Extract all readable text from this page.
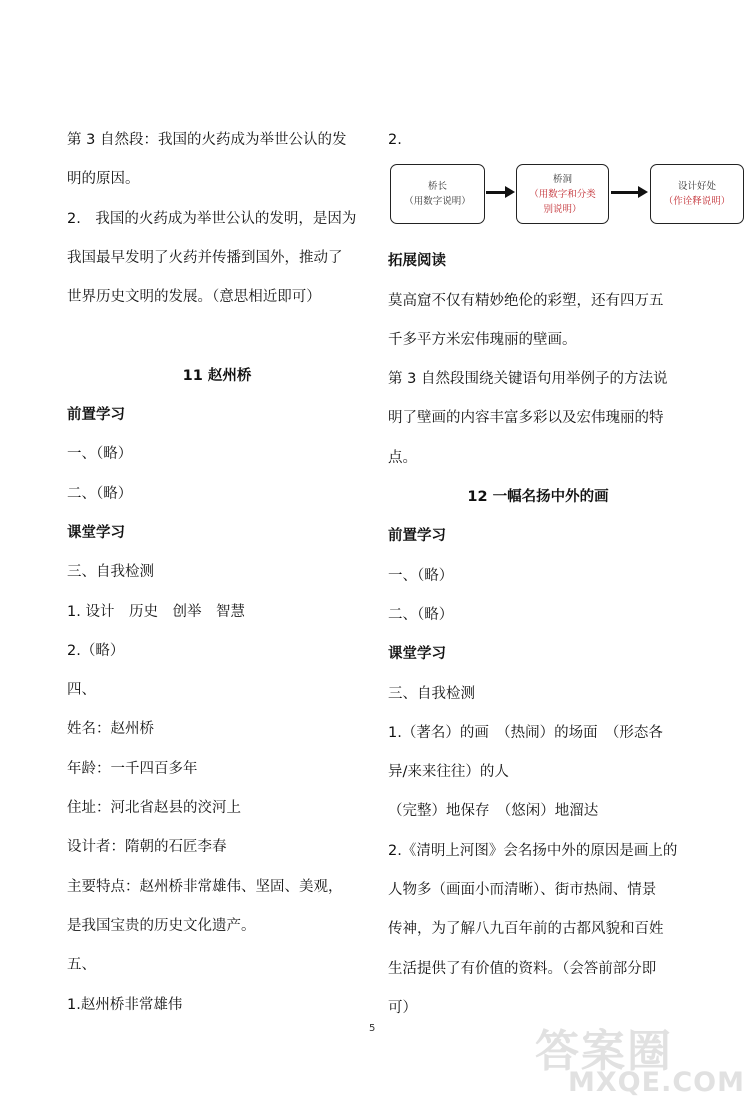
第 3 自然段：我国的火药成为举世公认的发
明的原因。
2.　我国的火药成为举世公认的发明，是因为
我国最早发明了火药并传播到国外，推动了
世界历史文明的发展。（意思相近即可）
11 赵州桥
前置学习
一、（略）
二、（略）
课堂学习
三、自我检测
1. 设计　历史　创举　智慧
2.（略）
四、
姓名：赵州桥
年龄：一千四百多年
住址：河北省赵县的洨河上
设计者：隋朝的石匠李春
主要特点：赵州桥非常雄伟、坚固、美观，
是我国宝贵的历史文化遗产。
五、
1.赵州桥非常雄伟
2.
桥长
（用数字说明）
桥洞
（用数字和分类别说明）
设计好处
（作诠释说明）
拓展阅读
莫高窟不仅有精妙绝伦的彩塑，还有四万五
千多平方米宏伟瑰丽的壁画。
第 3 自然段围绕关键语句用举例子的方法说
明了壁画的内容丰富多彩以及宏伟瑰丽的特
点。
12 一幅名扬中外的画
前置学习
一、（略）
二、（略）
课堂学习
三、自我检测
1.（著名）的画　（热闹）的场面　（形态各
异/来来往往）的人
（完整）地保存　（悠闲）地溜达
2.《清明上河图》会名扬中外的原因是画上的
人物多（画面小而清晰）、街市热闹、情景
传神，为了解八九百年前的古都风貌和百姓
生活提供了有价值的资料。（会答前部分即
可）
5	答案圈
MXQE.COM
